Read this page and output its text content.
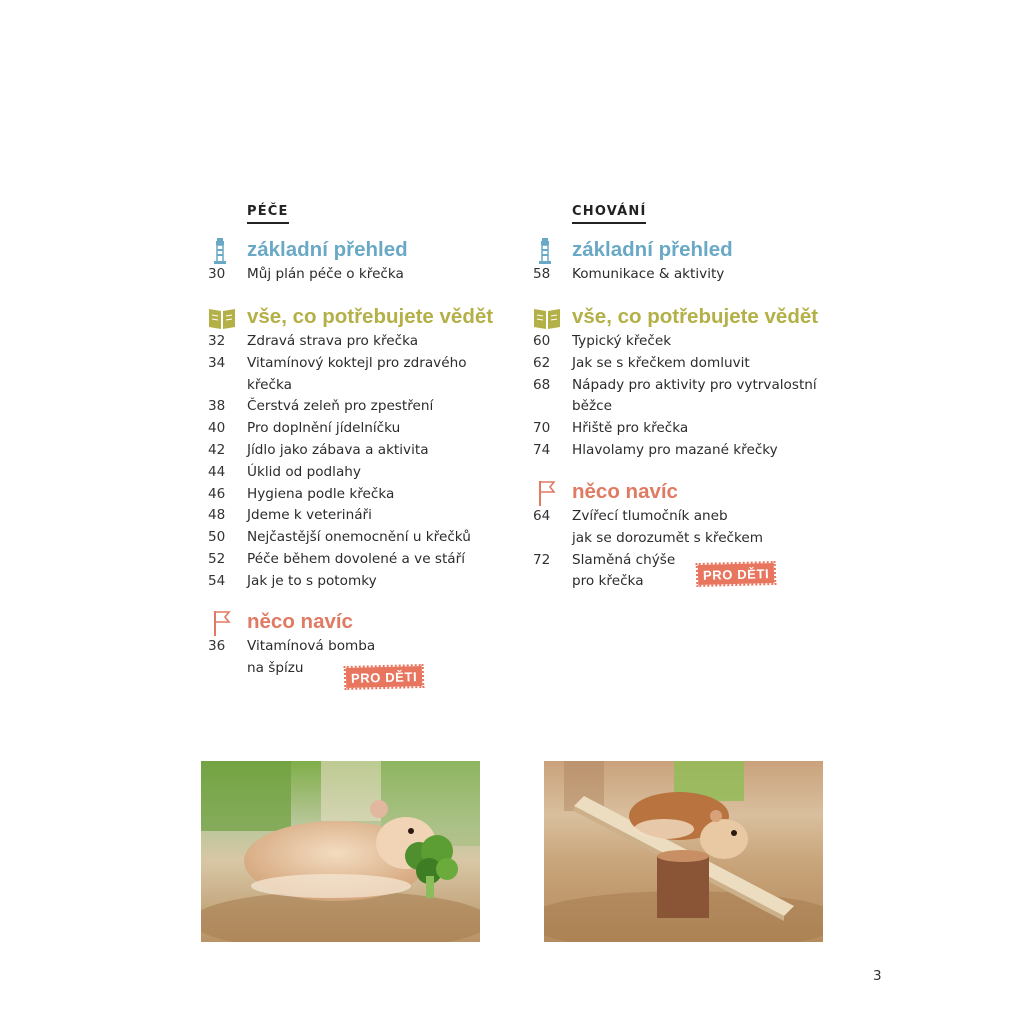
PÉČE
základní přehled
30	Můj plán péče o křečka
vše, co potřebujete vědět
32	Zdravá strava pro křečka
34	Vitamínový koktejl pro zdravého
křečka
38	Čerstvá zeleň pro zpestření
40	Pro doplnění jídelníčku
42	Jídlo jako zábava a aktivita
44	Úklid od podlahy
46	Hygiena podle křečka
48	Jdeme k veterináři
50	Nejčastější onemocnění u křečků
52	Péče během dovolené a ve stáří
54	Jak je to s potomky
něco navíc
36	Vitamínová bomba
na špízu
PRO DĚTI
CHOVÁNÍ
základní přehled
58	Komunikace & aktivity
vše, co potřebujete vědět
60	Typický křeček
62	Jak se s křečkem domluvit
68	Nápady pro aktivity pro vytrvalostní
běžce
70	Hřiště pro křečka
74	Hlavolamy pro mazané křečky
něco navíc
64	Zvířecí tlumočník aneb
jak se dorozumět s křečkem
72	Slaměná chýše
pro křečka	PRO DĚTI
3
